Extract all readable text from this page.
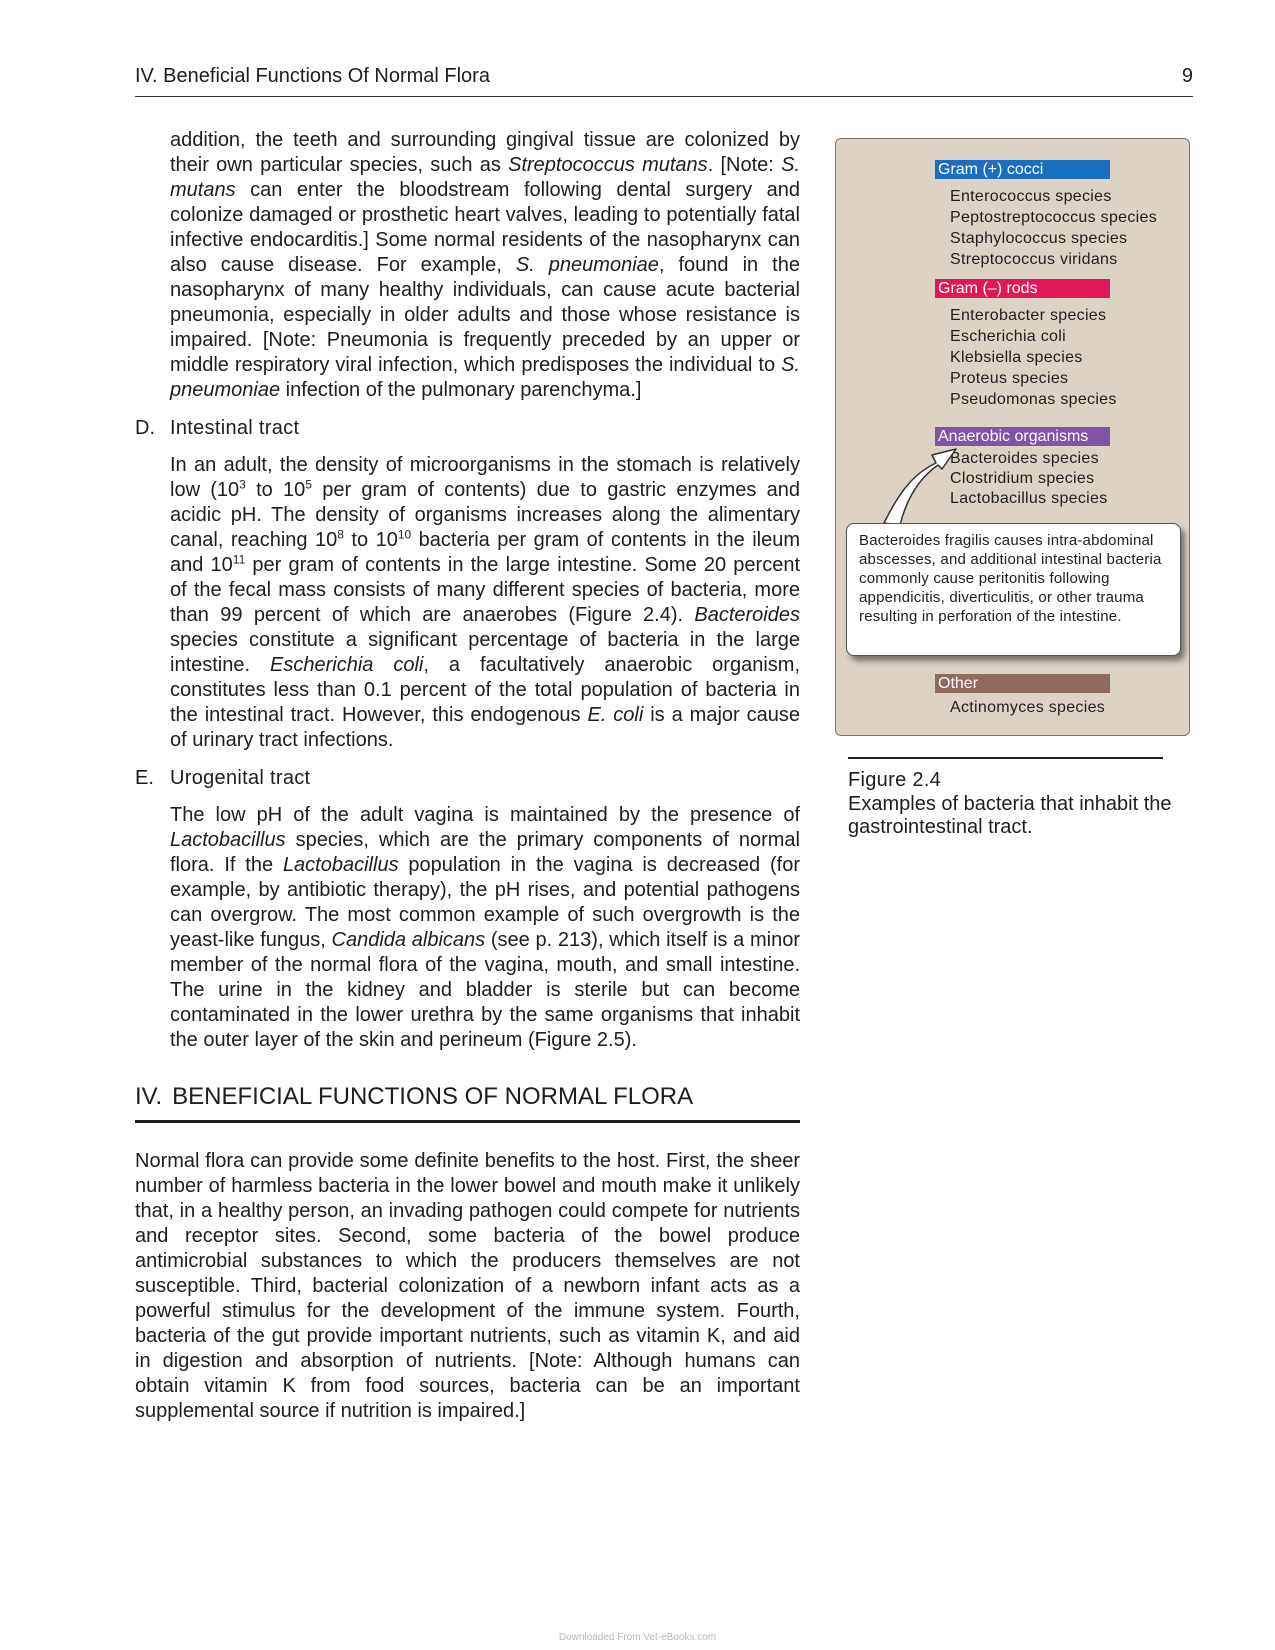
IV. Beneficial Functions Of Normal Flora	9

addition, the teeth and surrounding gingival tissue are colonized by their own particular species, such as Streptococcus mutans. [Note: S. mutans can enter the bloodstream following dental surgery and colonize damaged or prosthetic heart valves, leading to potentially fatal infective endocarditis.] Some normal residents of the nasopharynx can also cause disease. For example, S. pneumoniae, found in the nasopharynx of many healthy individuals, can cause acute bacterial pneumonia, especially in older adults and those whose resistance is impaired. [Note: Pneumonia is frequently preceded by an upper or middle respiratory viral infection, which predisposes the individual to S. pneumoniae infection of the pulmonary parenchyma.]

D. Intestinal tract

In an adult, the density of microorganisms in the stomach is relatively low ($10^3$ to $10^5$ per gram of contents) due to gastric enzymes and acidic pH. The density of organisms increases along the alimentary canal, reaching $10^8$ to $10^{10}$ bacteria per gram of contents in the ileum and $10^{11}$ per gram of contents in the large intestine. Some 20 percent of the fecal mass consists of many different species of bacteria, more than 99 percent of which are anaerobes (Figure 2.4). Bacteroides species constitute a significant percentage of bacteria in the large intestine. Escherichia coli, a facultatively anaerobic organism, constitutes less than 0.1 percent of the total population of bacteria in the intestinal tract. However, this endogenous E. coli is a major cause of urinary tract infections.

E. Urogenital tract

The low pH of the adult vagina is maintained by the presence of Lactobacillus species, which are the primary components of normal flora. If the Lactobacillus population in the vagina is decreased (for example, by antibiotic therapy), the pH rises, and potential pathogens can overgrow. The most common example of such overgrowth is the yeast-like fungus, Candida albicans (see p. 213), which itself is a minor member of the normal flora of the vagina, mouth, and small intestine. The urine in the kidney and bladder is sterile but can become contaminated in the lower urethra by the same organisms that inhabit the outer layer of the skin and perineum (Figure 2.5).

IV. BENEFICIAL FUNCTIONS OF NORMAL FLORA

Normal flora can provide some definite benefits to the host. First, the sheer number of harmless bacteria in the lower bowel and mouth make it unlikely that, in a healthy person, an invading pathogen could compete for nutrients and receptor sites. Second, some bacteria of the bowel produce antimicrobial substances to which the producers themselves are not susceptible. Third, bacterial colonization of a newborn infant acts as a powerful stimulus for the development of the immune system. Fourth, bacteria of the gut provide important nutrients, such as vitamin K, and aid in digestion and absorption of nutrients. [Note: Although humans can obtain vitamin K from food sources, bacteria can be an important supplemental source if nutrition is impaired.]

Gram (+) cocci
Enterococcus species
Peptostreptococcus species
Staphylococcus species
Streptococcus viridans
Gram (–) rods
Enterobacter species
Escherichia coli
Klebsiella species
Proteus species
Pseudomonas species
Anaerobic organisms
Bacteroides species
Clostridium species
Lactobacillus species
Bacteroides fragilis causes intra-abdominal abscesses, and additional intestinal bacteria commonly cause peritonitis following appendicitis, diverticulitis, or other trauma resulting in perforation of the intestine.
Other
Actinomyces species
Figure 2.4
Examples of bacteria that inhabit the gastrointestinal tract.
Downloaded From Vet-eBooks.com
